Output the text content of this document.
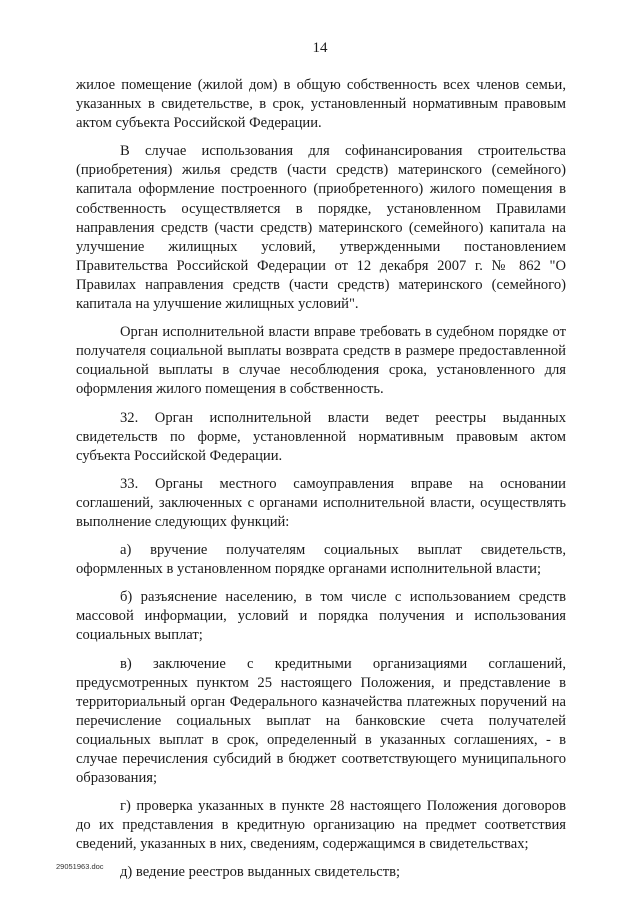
14

жилое помещение (жилой дом) в общую собственность всех членов семьи, указанных в свидетельстве, в срок, установленный нормативным правовым актом субъекта Российской Федерации.

В случае использования для софинансирования строительства (приобретения) жилья средств (части средств) материнского (семейного) капитала оформление построенного (приобретенного) жилого помещения в собственность осуществляется в порядке, установленном Правилами направления средств (части средств) материнского (семейного) капитала на улучшение жилищных условий, утвержденными постановлением Правительства Российской Федерации от 12 декабря 2007 г. № 862 "О Правилах направления средств (части средств) материнского (семейного) капитала на улучшение жилищных условий".

Орган исполнительной власти вправе требовать в судебном порядке от получателя социальной выплаты возврата средств в размере предоставленной социальной выплаты в случае несоблюдения срока, установленного для оформления жилого помещения в собственность.

32. Орган исполнительной власти ведет реестры выданных свидетельств по форме, установленной нормативным правовым актом субъекта Российской Федерации.

33. Органы местного самоуправления вправе на основании соглашений, заключенных с органами исполнительной власти, осуществлять выполнение следующих функций:

а) вручение получателям социальных выплат свидетельств, оформленных в установленном порядке органами исполнительной власти;

б) разъяснение населению, в том числе с использованием средств массовой информации, условий и порядка получения и использования социальных выплат;

в) заключение с кредитными организациями соглашений, предусмотренных пунктом 25 настоящего Положения, и представление в территориальный орган Федерального казначейства платежных поручений на перечисление социальных выплат на банковские счета получателей социальных выплат в срок, определенный в указанных соглашениях, - в случае перечисления субсидий в бюджет соответствующего муниципального образования;

г) проверка указанных в пункте 28 настоящего Положения договоров до их представления в кредитную организацию на предмет соответствия сведений, указанных в них, сведениям, содержащимся в свидетельствах;

д) ведение реестров выданных свидетельств;

29051963.doc
